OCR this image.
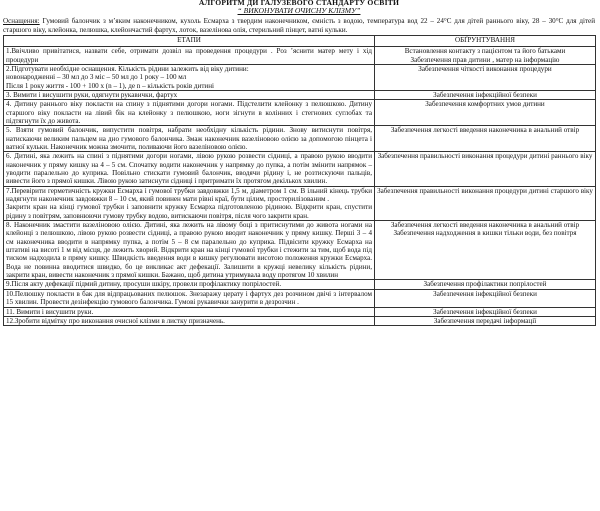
АЛГОРИТМ ДИ ГАЛУЗЕВОГО СТАНДАРТУ ОСВІТИ
“ ВИКОНУВАТИ ОЧИСНУ КЛІЗМУ”
Оснащення: Гумовий балончик з м’яким наконечником, кухоль Есмарха з твердим наконечником, ємність з водою, температура вод 22 – 24°С для дітей раннього віку, 28 – 30°С для дітей старшого віку, клейонка, пелюшка, клейончастий фартух, лоток, вазелінова олія, стерильний пінцет, ватні кульки.
ЕТАПИ	ОБҐРУНТУВАННЯ

1.Ввічливо привітатися, назвати себе, отримати дозвіл на проведення процедури . Роз ’яснити матер мету і хід процедури	Встановлення контакту з пацієнтом та його батьками
Забезпечення прав дитини , матер на інформацію

2.Підготувати необхідне оснащення. Кількість рідини залежить від віку дитини:
новонародженні – 30 мл до 3 міс – 50 мл до 1 року – 100 мл
Після 1 року життя - 100 + 100 х (n – 1), де n – кількість років дитині	Забезпечення чіткості виконання процедури

3. Вимити і висушити руки, одягнути рукавички, фартух	Забезпечення інфекційної безпеки

4. Дитину раннього віку покласти на спину з піднятими догори ногами. Підстелити клейонку з пелюшкою. Дитину старшого віку покласти на лівий бік на клейонку з пелюшкою, ноги зігнути в колінних і стегнових суглобах та підтягнути їх до живота.	Забезпечення комфортних умов дитини

5. Взяти гумовий балончик, випустити повітря, набрати необхідну кількість рідини. Знову витиснути повітря, натискаючи великим пальцем на дно гумового балончика. Змаж наконечник вазеліновою олією за допомогою пінцета і ватної кульки. Наконечник можна змочити, поливаючи його вазеліновою олією.	Забезпечення легкості введення наконечника в анальний отвір

6. Дитині, яка лежить на спині з піднятими догори ногами, лівою рукою розвести сідниці, а правою рукою вводити наконечник у пряму кишку на 4 – 5 см. Спочатку водити наконечник у напрямку до пупка, а потім змінити напрямок – уводити паралельно до куприка. Повільно стискати гумовий балончик, вводячи рідину і, не розтискуючи пальців, вивести його з прямої кишки. Лівою рукою затиснути сідниці і притримати їх протягом декількох хвилин.	Забезпечення правильності виконання процедури дитині раннього віку

7.Перевірити герметичність кружки Есмарха і гумової трубки завдовжки 1,5 м, діаметром 1 см. В ільний кінець трубки надягнути наконечник завдовжки 8 – 10 см, який повинен мати рівні краї, бути цілим, простерилізованим .
Закрити кран на кінці гумової трубки і заповнити кружку Есмарха підготовленою рідиною. Відкрити кран, спустити рідину з повітрям, заповнюючи гумову трубку водою, витискаючи повітря, після чого закрити кран.	Забезпечення правильності виконання процедури дитині старшого віку

8. Наконечник змастити вазеліновою олією. Дитині, яка лежить на лівому боці з притиснутими до живота ногами на клейонці з пелюшкою, лівою рукою розвести сідниці, а правою рукою вводит наконечник у пряму кишку. Перші 3 – 4 см наконечника вводити в напрямку пупка, а потім 5 – 8 см паралельно до куприка. Підвісити кружку Есмарха на штативі на висоті 1 м від місця, де лежить хворий. Відкрити кран на кінці гумової трубки і стежити за тим, щоб вода під тиском надходила в пряму кишку. Швидкість введення води в кишку регулювати висотою положення кружки Есмарха. Вода не повинна вводитися швидко, бо це викликає акт дефекації. Залишити в кружці невелику кількість рідини, закрити кран, вивести наконечник з прямої кишки. Бажано, щоб дитина утримувала воду протягом 10 хвилин	Забезпечення легкості введення наконечника в анальний отвір
Забезпечення надходження в кишки тільки води, без повітря

9.Після акту дефекації підмий дитину, просуши шкіру, провели профілактику попрілостей.	Забезпечення профілактики попрілостей

10.Пелюшку покласти в бак для відпрацьованих пелюшок. Знезаражу церату і фартух дез розчином двічі з інтервалом 15 хвилин. Провести дезінфекцію гумового балончика. Гумові рукавички занурити в дезрозчин .	Забезпечення інфекційної безпеки

11. Вимити і висушити руки.	Забезпечення інфекційної безпеки

12.Зробити відмітку про виконання очисної клізми в листку призначень.	Забезпечення передачі інформації
